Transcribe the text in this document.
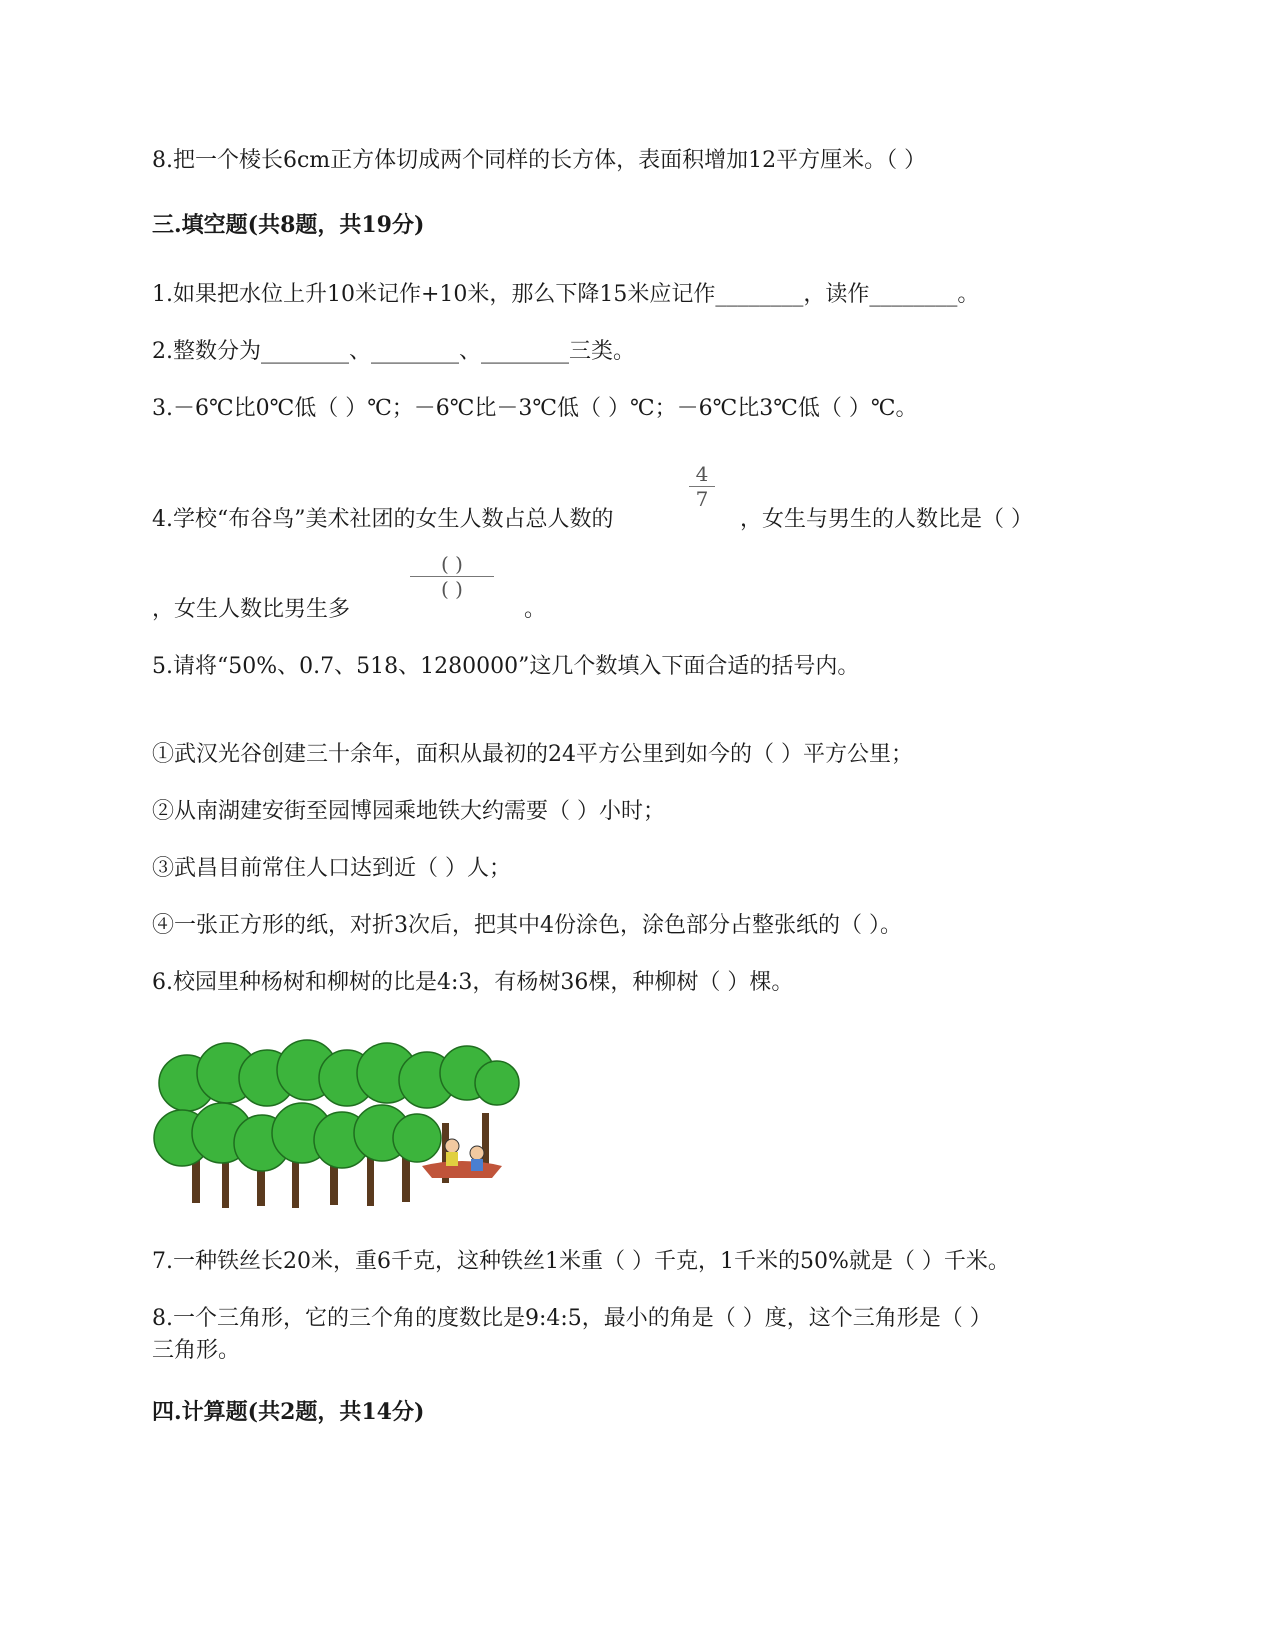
8.把一个棱长6cm正方体切成两个同样的长方体，表面积增加12平方厘米。（ ）
三.填空题(共8题，共19分)
1.如果把水位上升10米记作+10米，那么下降15米应记作________，读作________。
2.整数分为________、________、________三类。
3.－6℃比0℃低（ ）℃；－6℃比－3℃低（ ）℃；－6℃比3℃低（ ）℃。
4.学校“布谷鸟”美术社团的女生人数占总人数的
4
7
，女生与男生的人数比是（ ）
，女生人数比男生多
( )
( )
。
5.请将“50%、0.7、518、1280000”这几个数填入下面合适的括号内。
①武汉光谷创建三十余年，面积从最初的24平方公里到如今的（ ）平方公里；
②从南湖建安街至园博园乘地铁大约需要（ ）小时；
③武昌目前常住人口达到近（ ）人；
④一张正方形的纸，对折3次后，把其中4份涂色，涂色部分占整张纸的（ ）。
6.校园里种杨树和柳树的比是4:3，有杨树36棵，种柳树（ ）棵。
7.一种铁丝长20米，重6千克，这种铁丝1米重（ ）千克，1千米的50%就是（ ）千米。
8.一个三角形，它的三个角的度数比是9:4:5，最小的角是（ ）度，这个三角形是（ ）
三角形。
四.计算题(共2题，共14分)
